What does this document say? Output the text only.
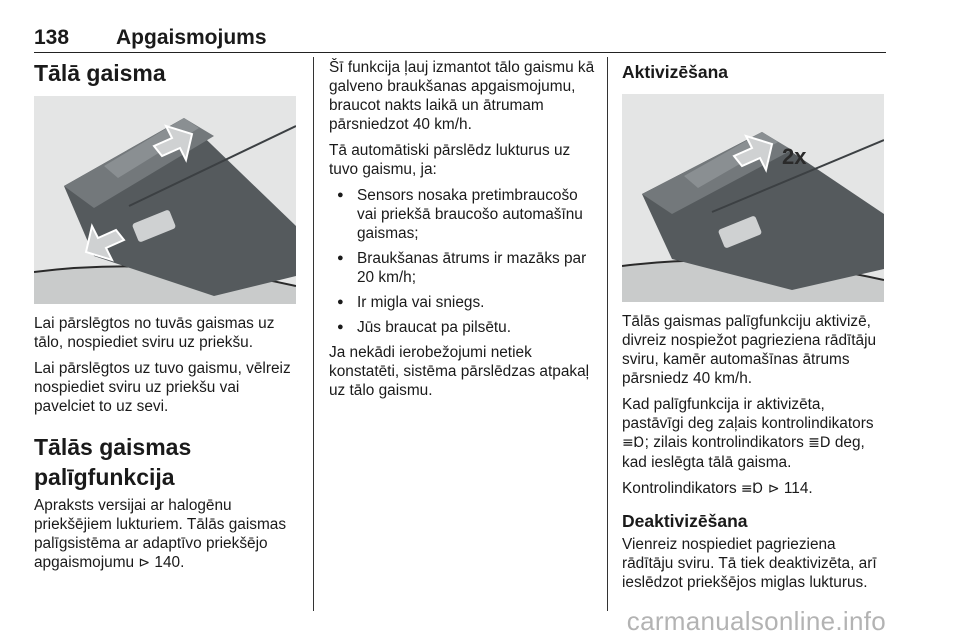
138 Apgaismojums
Tālā gaisma

Lai pārslēgtos no tuvās gaismas uz tālo, nospiediet sviru uz priekšu.

Lai pārslēgtos uz tuvo gaismu, vēlreiz nospiediet sviru uz priekšu vai pavelciet to uz sevi.

Tālās gaismas palīgfunkcija

Apraksts versijai ar halogēnu priekšējiem lukturiem. Tālās gaismas palīgsistēma ar adaptīvo priekšējo apgaismojumu ⊳ 140.

Šī funkcija ļauj izmantot tālo gaismu kā galveno braukšanas apgaismojumu, braucot nakts laikā un ātrumam pārsniedzot 40 km/h.

Tā automātiski pārslēdz lukturus uz tuvo gaismu, ja:

● Sensors nosaka pretimbraucošo vai priekšā braucošo automašīnu gaismas;
● Braukšanas ātrums ir mazāks par 20 km/h;
● Ir migla vai sniegs.
● Jūs braucat pa pilsētu.

Ja nekādi ierobežojumi netiek konstatēti, sistēma pārslēdzas atpakaļ uz tālo gaismu.

Aktivizēšana
2x

Tālās gaismas palīgfunkciju aktivizē, divreiz nospiežot pagrieziena rādītāju sviru, kamēr automašīnas ātrums pārsniedz 40 km/h.

Kad palīgfunkcija ir aktivizēta, pastāvīgi deg zaļais kontrolindikators ≡Ɒ; zilais kontrolindikators ≣D deg, kad ieslēgta tālā gaisma.

Kontrolindikators ≡Ɒ ⊳ 114.

Deaktivizēšana

Vienreiz nospiediet pagrieziena rādītāju sviru. Tā tiek deaktivizēta, arī ieslēdzot priekšējos miglas lukturus.

carmanualsonline.info
